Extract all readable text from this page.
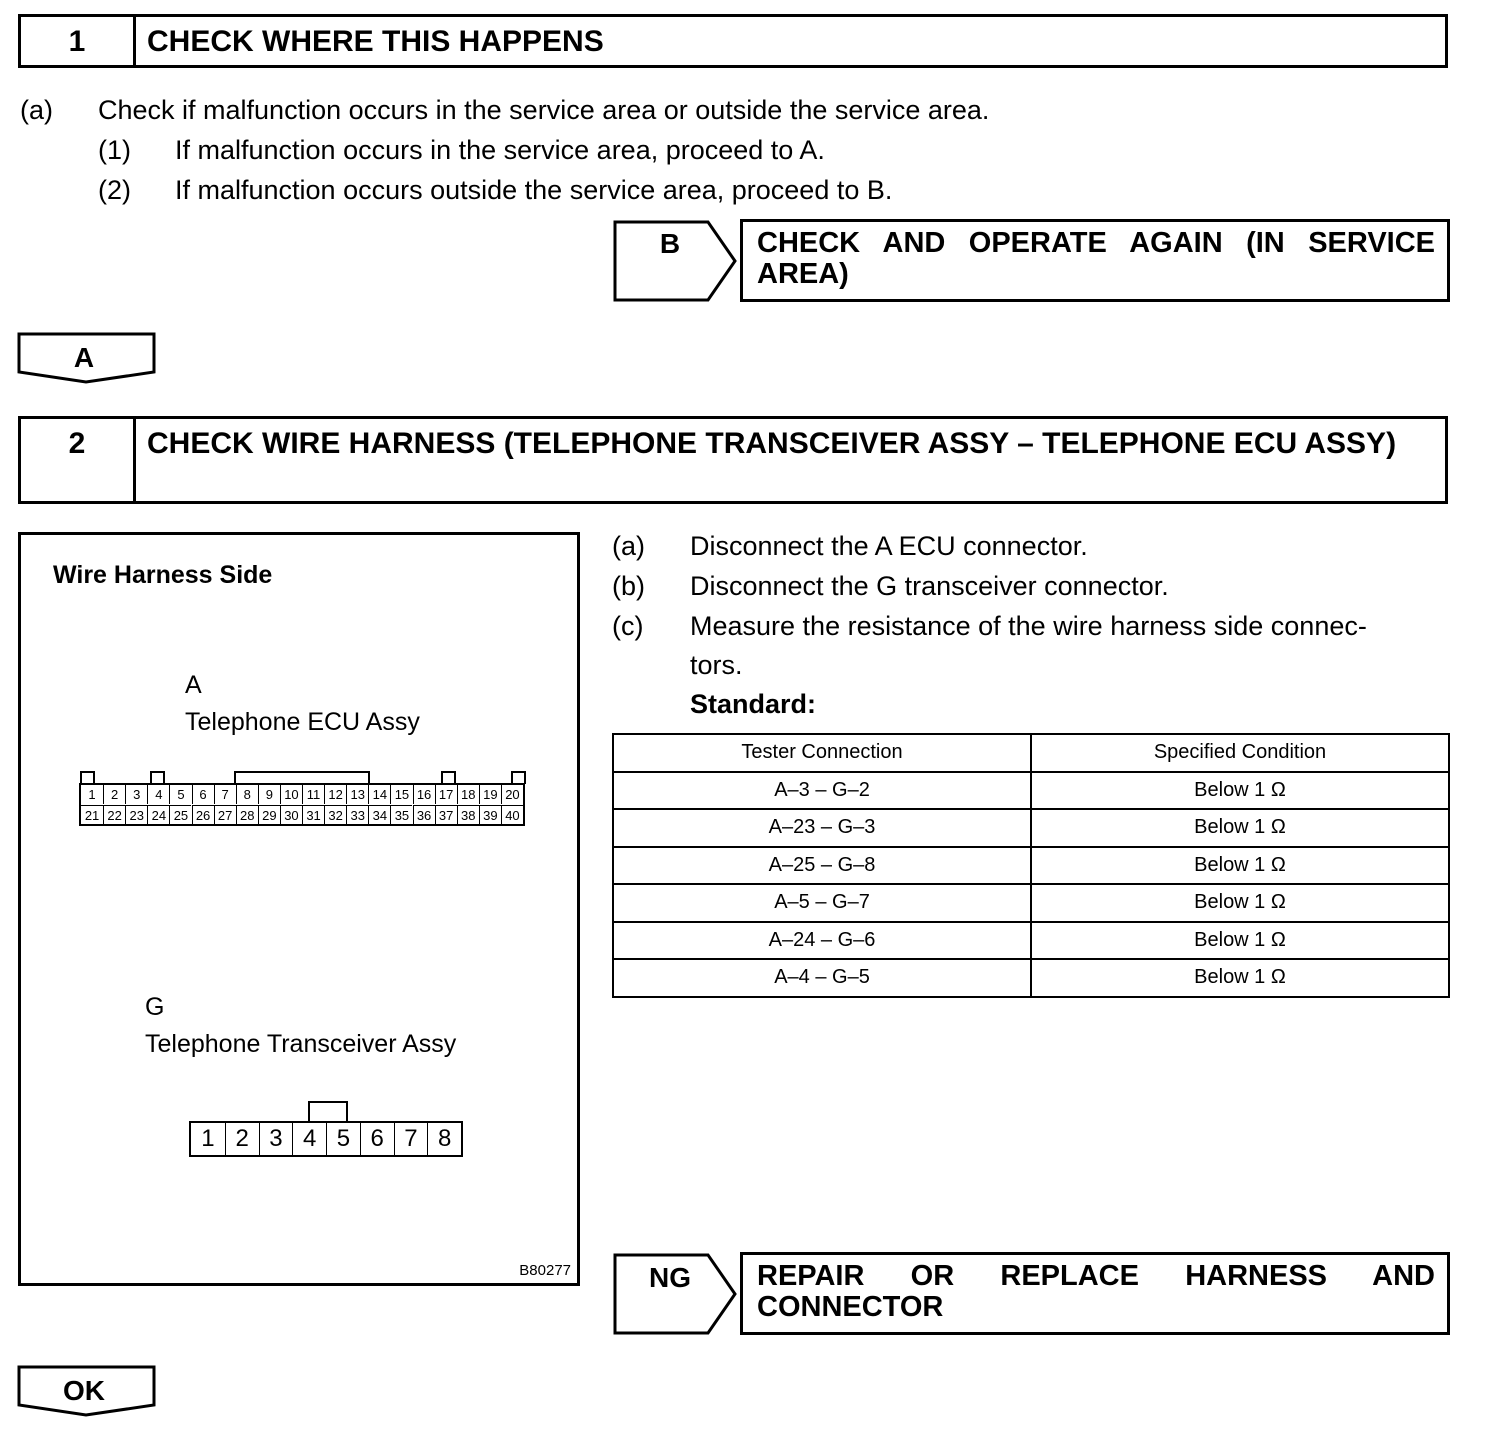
1	CHECK WHERE THIS HAPPENS
(a) Check if malfunction occurs in the service area or outside the service area.
(1) If malfunction occurs in the service area, proceed to A.
(2) If malfunction occurs outside the service area, proceed to B.
B	CHECK AND OPERATE AGAIN (IN SERVICE AREA)
A
2	CHECK WIRE HARNESS (TELEPHONE TRANSCEIVER ASSY – TELEPHONE ECU ASSY)
Wire Harness Side
A
Telephone ECU Assy
1	2	3	4	5	6	7	8	9 10 11 12 13 14 15 16 17 18 19 20
21 22 23 24 25 26 27 28 29 30 31 32 33 34 35 36 37 38 39 40
G
Telephone Transceiver Assy
1 2 3 4 5 6 7 8
B80277
(a) Disconnect the A ECU connector.
(b) Disconnect the G transceiver connector.
(c) Measure the resistance of the wire harness side connec-
tors.
Standard:
Tester Connection	Specified Condition
A–3 – G–2	Below 1 Ω
A–23 – G–3	Below 1 Ω
A–25 – G–8	Below 1 Ω
A–5 – G–7	Below 1 Ω
A–24 – G–6	Below 1 Ω
A–4 – G–5	Below 1 Ω
NG	REPAIR OR REPLACE HARNESS AND CONNECTOR
OK
